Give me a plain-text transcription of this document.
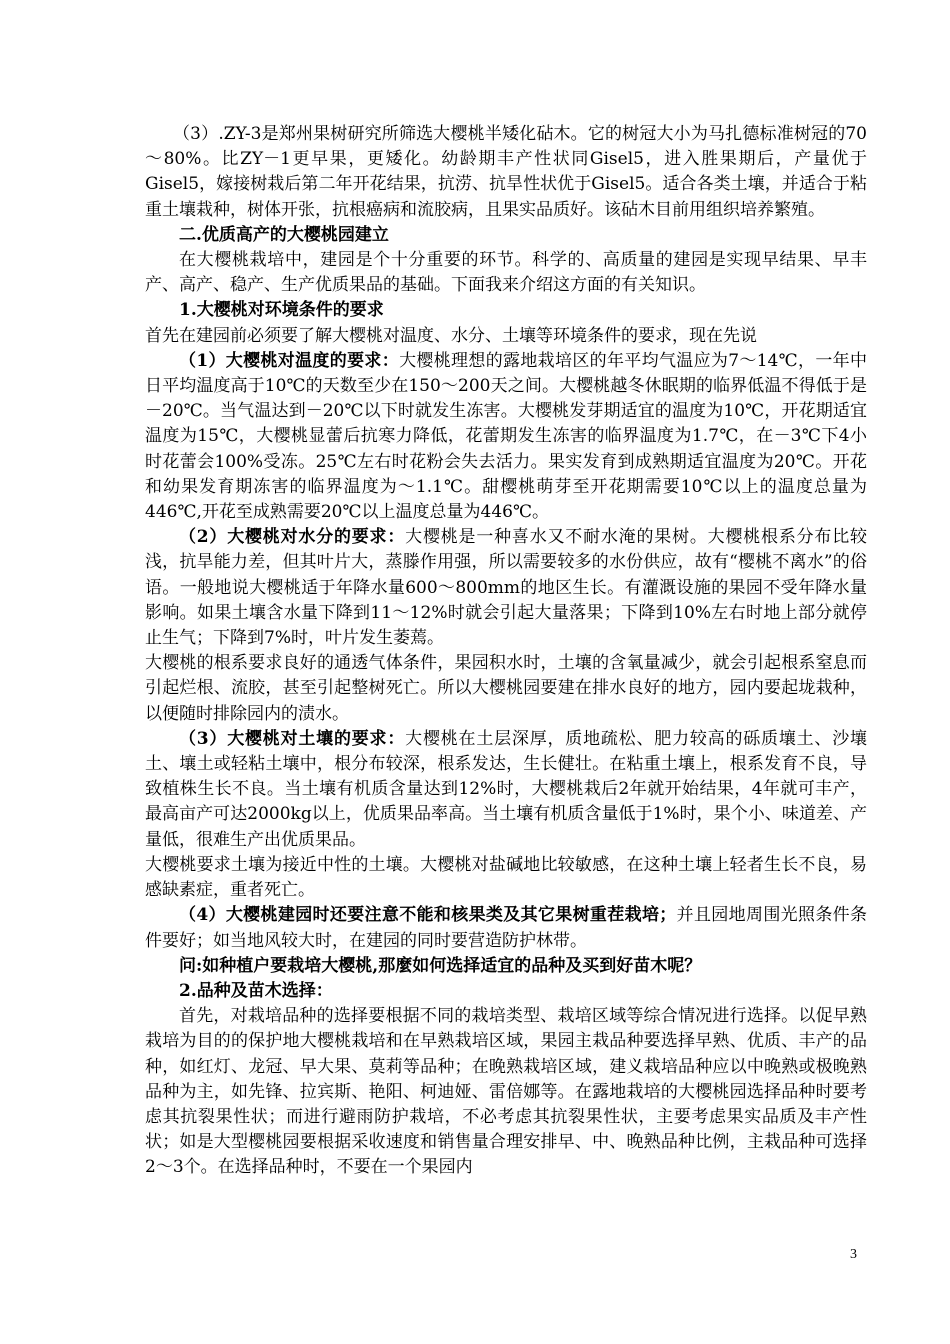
（3）.ZY-3是郑州果树研究所筛选大樱桃半矮化砧木。它的树冠大小为马扎德标准树冠的70～80%。比ZY－1更早果，更矮化。幼龄期丰产性状同Gisel5，进入胜果期后，产量优于Gisel5，嫁接树栽后第二年开花结果，抗涝、抗旱性状优于Gisel5。适合各类土壤，并适合于粘重土壤栽种，树体开张，抗根癌病和流胶病，且果实品质好。该砧木目前用组织培养繁殖。

二.优质高产的大樱桃园建立

在大樱桃栽培中，建园是个十分重要的环节。科学的、高质量的建园是实现早结果、早丰产、高产、稳产、生产优质果品的基础。下面我来介绍这方面的有关知识。

1.大樱桃对环境条件的要求

首先在建园前必须要了解大樱桃对温度、水分、土壤等环境条件的要求，现在先说

（1）大樱桃对温度的要求：大樱桃理想的露地栽培区的年平均气温应为7～14℃，一年中日平均温度高于10℃的天数至少在150～200天之间。大樱桃越冬休眠期的临界低温不得低于是－20℃。当气温达到－20℃以下时就发生冻害。大樱桃发芽期适宜的温度为10℃，开花期适宜温度为15℃，大樱桃显蕾后抗寒力降低，花蕾期发生冻害的临界温度为1.7℃，在－3℃下4小时花蕾会100%受冻。25℃左右时花粉会失去活力。果实发育到成熟期适宜温度为20℃。开花和幼果发育期冻害的临界温度为～1.1℃。甜樱桃萌芽至开花期需要10℃以上的温度总量为446℃,开花至成熟需要20℃以上温度总量为446℃。

（2）大樱桃对水分的要求：大樱桃是一种喜水又不耐水淹的果树。大樱桃根系分布比较浅，抗旱能力差，但其叶片大，蒸滕作用强，所以需要较多的水份供应，故有“樱桃不离水”的俗语。一般地说大樱桃适于年降水量600～800mm的地区生长。有灌溉设施的果园不受年降水量影响。如果土壤含水量下降到11～12%时就会引起大量落果；下降到10%左右时地上部分就停止生气；下降到7%时，叶片发生萎蔫。

大樱桃的根系要求良好的通透气体条件，果园积水时，土壤的含氧量减少，就会引起根系窒息而引起烂根、流胶，甚至引起整树死亡。所以大樱桃园要建在排水良好的地方，园内要起垅栽种，以便随时排除园内的渍水。

（3）大樱桃对土壤的要求：大樱桃在土层深厚，质地疏松、肥力较高的砾质壤土、沙壤土、壤土或轻粘土壤中，根分布较深，根系发达，生长健壮。在粘重土壤上，根系发育不良，导致植株生长不良。当土壤有机质含量达到12%时，大樱桃栽后2年就开始结果，4年就可丰产，最高亩产可达2000kg以上，优质果品率高。当土壤有机质含量低于1%时，果个小、味道差、产量低，很难生产出优质果品。

大樱桃要求土壤为接近中性的土壤。大樱桃对盐碱地比较敏感，在这种土壤上轻者生长不良，易感缺素症，重者死亡。

（4）大樱桃建园时还要注意不能和核果类及其它果树重茬栽培；并且园地周围光照条件条件要好；如当地风较大时，在建园的同时要营造防护林带。

问:如种植户要栽培大樱桃,那麼如何选择适宜的品种及买到好苗木呢？

2.品种及苗木选择：

首先，对栽培品种的选择要根据不同的栽培类型、栽培区域等综合情况进行选择。以促早熟栽培为目的的保护地大樱桃栽培和在早熟栽培区域，果园主栽品种要选择早熟、优质、丰产的品种，如红灯、龙冠、早大果、莫莉等品种；在晚熟栽培区域，建义栽培品种应以中晚熟或极晚熟品种为主，如先锋、拉宾斯、艳阳、柯迪娅、雷倍娜等。在露地栽培的大樱桃园选择品种时要考虑其抗裂果性状；而进行避雨防护栽培，不必考虑其抗裂果性状，主要考虑果实品质及丰产性状；如是大型樱桃园要根据采收速度和销售量合理安排早、中、晚熟品种比例，主栽品种可选择2～3个。在选择品种时，不要在一个果园内

3
